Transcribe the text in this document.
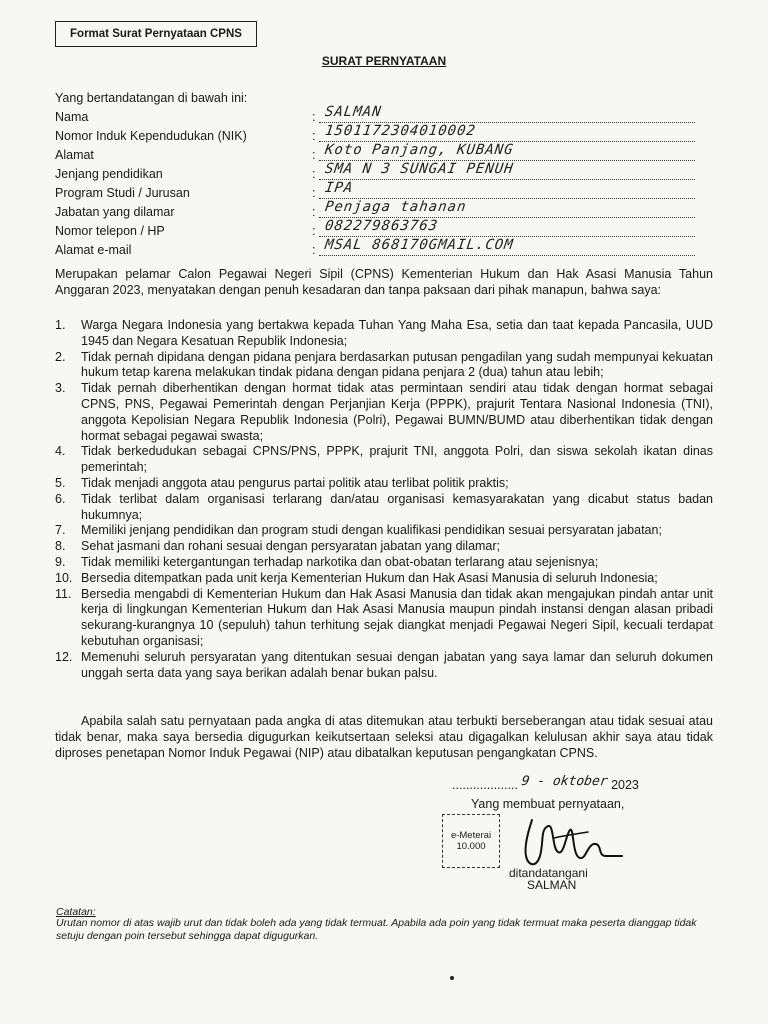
Format Surat Pernyataan CPNS
SURAT PERNYATAAN
Yang bertandatangan di bawah ini:
Nama	: SALMAN
Nomor Induk Kependudukan (NIK)	: 1501172304010002
Alamat	: Koto Panjang, KUBANG
Jenjang pendidikan	: SMA N 3 SUNGAI PENUH
Program Studi / Jurusan	: IPA
Jabatan yang dilamar	: Penjaga tahanan
Nomor telepon / HP	: 082279863763
Alamat e-mail	: MSAL 868170GMAIL.COM

Merupakan pelamar Calon Pegawai Negeri Sipil (CPNS) Kementerian Hukum dan Hak Asasi Manusia Tahun Anggaran 2023, menyatakan dengan penuh kesadaran dan tanpa paksaan dari pihak manapun, bahwa saya:

1. Warga Negara Indonesia yang bertakwa kepada Tuhan Yang Maha Esa, setia dan taat kepada Pancasila, UUD 1945 dan Negara Kesatuan Republik Indonesia;
2. Tidak pernah dipidana dengan pidana penjara berdasarkan putusan pengadilan yang sudah mempunyai kekuatan hukum tetap karena melakukan tindak pidana dengan pidana penjara 2 (dua) tahun atau lebih;
3. Tidak pernah diberhentikan dengan hormat tidak atas permintaan sendiri atau tidak dengan hormat sebagai CPNS, PNS, Pegawai Pemerintah dengan Perjanjian Kerja (PPPK), prajurit Tentara Nasional Indonesia (TNI), anggota Kepolisian Negara Republik Indonesia (Polri), Pegawai BUMN/BUMD atau diberhentikan tidak dengan hormat sebagai pegawai swasta;
4. Tidak berkedudukan sebagai CPNS/PNS, PPPK, prajurit TNI, anggota Polri, dan siswa sekolah ikatan dinas pemerintah;
5. Tidak menjadi anggota atau pengurus partai politik atau terlibat politik praktis;
6. Tidak terlibat dalam organisasi terlarang dan/atau organisasi kemasyarakatan yang dicabut status badan hukumnya;
7. Memiliki jenjang pendidikan dan program studi dengan kualifikasi pendidikan sesuai persyaratan jabatan;
8. Sehat jasmani dan rohani sesuai dengan persyaratan jabatan yang dilamar;
9. Tidak memiliki ketergantungan terhadap narkotika dan obat-obatan terlarang atau sejenisnya;
10. Bersedia ditempatkan pada unit kerja Kementerian Hukum dan Hak Asasi Manusia di seluruh Indonesia;
11. Bersedia mengabdi di Kementerian Hukum dan Hak Asasi Manusia dan tidak akan mengajukan pindah antar unit kerja di lingkungan Kementerian Hukum dan Hak Asasi Manusia maupun pindah instansi dengan alasan pribadi sekurang-kurangnya 10 (sepuluh) tahun terhitung sejak diangkat menjadi Pegawai Negeri Sipil, kecuali terdapat kebutuhan organisasi;
12. Memenuhi seluruh persyaratan yang ditentukan sesuai dengan jabatan yang saya lamar dan seluruh dokumen unggah serta data yang saya berikan adalah benar bukan palsu.

Apabila salah satu pernyataan pada angka di atas ditemukan atau terbukti berseberangan atau tidak sesuai atau tidak benar, maka saya bersedia digugurkan keikutsertaan seleksi atau digagalkan kelulusan akhir saya atau tidak diproses penetapan Nomor Induk Pegawai (NIP) atau dibatalkan keputusan pengangkatan CPNS.

................... 9 - oktober 2023
Yang membuat pernyataan,
e-Meterai
10.000
ditandatangani
SALMAN
Catatan:

Urutan nomor di atas wajib urut dan tidak boleh ada yang tidak termuat. Apabila ada poin yang tidak termuat maka peserta dianggap tidak setuju dengan poin tersebut sehingga dapat digugurkan.
